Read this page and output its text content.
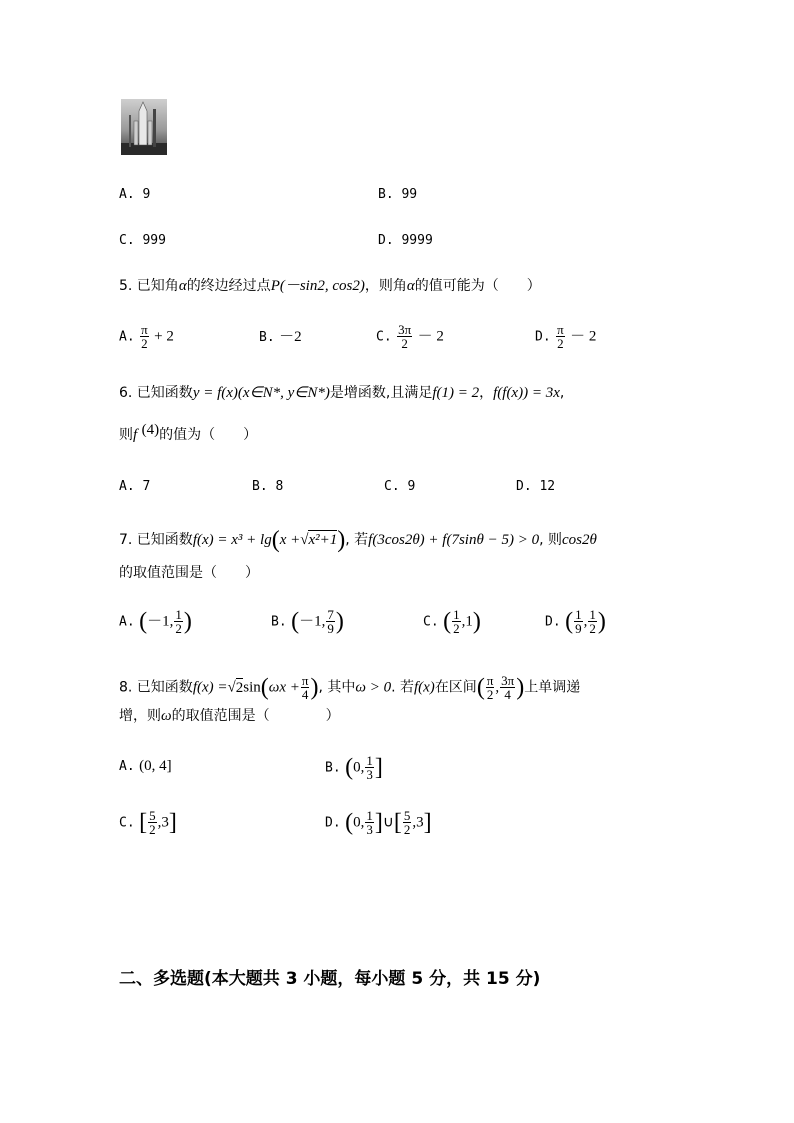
A. 9	B. 99
C. 999	D. 9999
5. 已知角α的终边经过点P(－sin2, cos2)，则角α的值可能为（　　）
A. $\frac{\pi}{2} + 2$	B. －2	C. $\frac{3\pi}{2} - 2$	D. $\frac{\pi}{2} - 2$
6. 已知函数y = f(x)(x∈N*, y∈N*)是增函数,且满足f(1) = 2，f(f(x)) = 3x,
则f (4)的值为（　　）
A. 7	B. 8	C. 9	D. 12
7. 已知函数f(x) = x³ + lg(x +√x²+1), 若f(3cos2θ) + f(7sinθ − 5) > 0, 则cos2θ
的取值范围是（　　）
A. (－1, $\frac{1}{2}$ )	B. (－1, $\frac{7}{9}$ )	C. ( $\frac{1}{2} ,1$)	D. ( $\frac{1}{9}$ , $\frac{1}{2}$ )
8. 已知函数$f(x) =√2\sin(\omega x + \frac{\pi}{4}$ ), 其中ω > 0. 若f(x)在区间( $\frac{\pi}{2}$ , $\frac{3\pi}{4}$ )上单调递
增，则ω的取值范围是（　　　　）
A. (0, 4]	B. (0, $\frac{1}{3}$ ]
C. [ $\frac{5}{2} ,3$]	D. (0, $\frac{1}{3}$ ]∪[ $\frac{5}{2} ,3$]
二、多选题(本大题共 3 小题，每小题 5 分，共 15 分)
